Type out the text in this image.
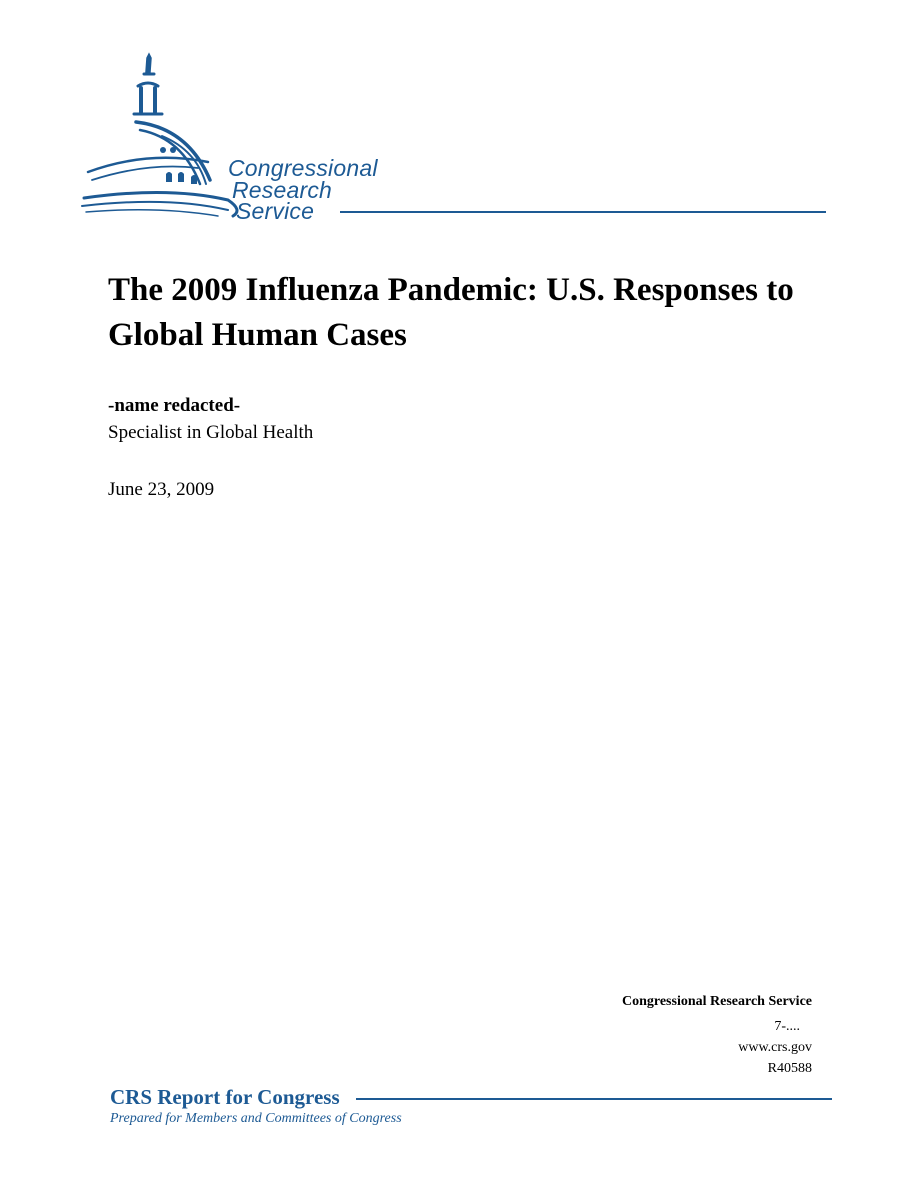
Congressional
Research
Service
The 2009 Influenza Pandemic: U.S. Responses to Global Human Cases
-name redacted-
Specialist in Global Health
June 23, 2009
Congressional Research Service
7-....
www.crs.gov
R40588
CRS Report for Congress
Prepared for Members and Committees of Congress
